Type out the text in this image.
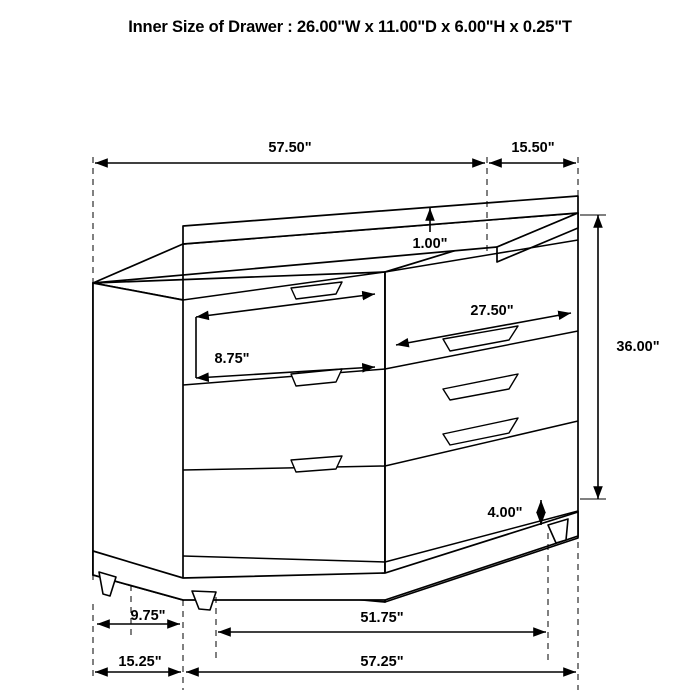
Inner Size of Drawer : 26.00"W x 11.00"D x 6.00"H x 0.25"T
57.50"	15.50"
1.00"
36.00"
27.50"
8.75"
4.00"
9.75"	51.75"
15.25"	57.25"
